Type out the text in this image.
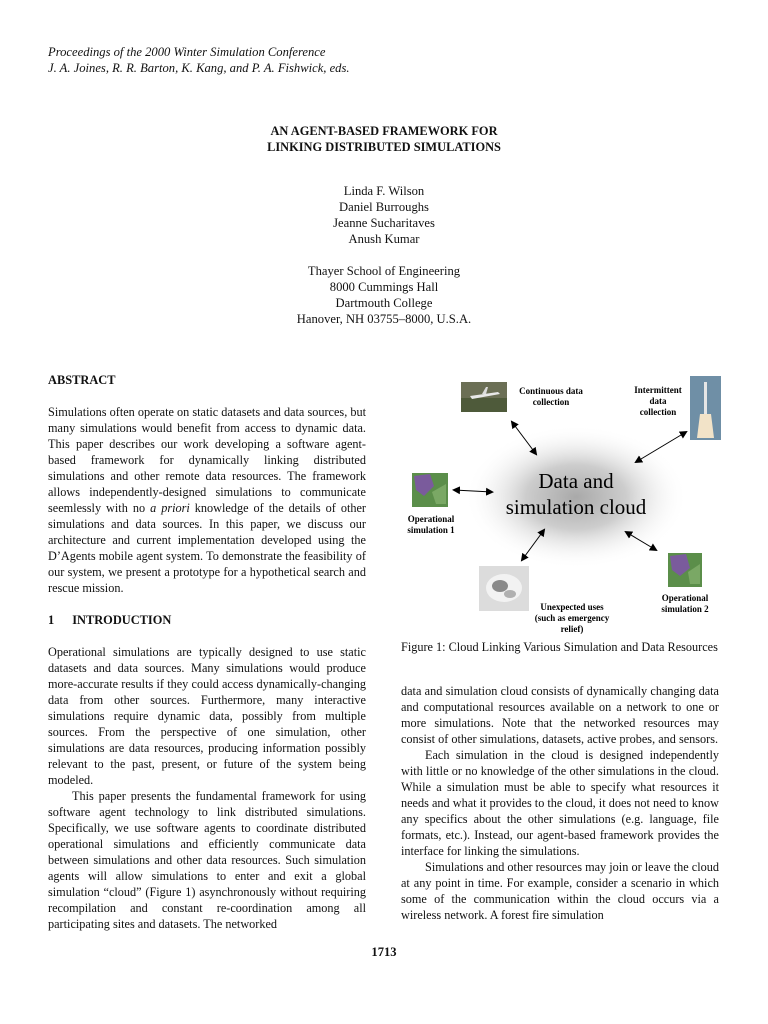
Proceedings of the 2000 Winter Simulation Conference
J. A. Joines, R. R. Barton, K. Kang, and P. A. Fishwick, eds.
AN AGENT-BASED FRAMEWORK FOR
LINKING DISTRIBUTED SIMULATIONS
Linda F. Wilson
Daniel Burroughs
Jeanne Sucharitaves
Anush Kumar
Thayer School of Engineering
8000 Cummings Hall
Dartmouth College
Hanover, NH 03755–8000, U.S.A.

ABSTRACT

Simulations often operate on static datasets and data sources, but many simulations would benefit from access to dynamic data. This paper describes our work developing a software agent-based framework for dynamically linking distributed simulations and other remote data resources. The framework allows independently-designed simulations to communicate seemlessly with no a priori knowledge of the details of other simulations and data sources. In this paper, we discuss our architecture and current implementation developed using the D’Agents mobile agent system. To demonstrate the feasibility of our system, we present a prototype for a hypothetical search and rescue mission.

1 INTRODUCTION

Operational simulations are typically designed to use static datasets and data sources. Many simulations would produce more-accurate results if they could access dynamically-changing data from other sources. Furthermore, many interactive simulations require dynamic data, possibly from multiple sources. From the perspective of one simulation, other simulations are data resources, producing information possibly relevant to the past, present, or future of the system being modeled.

This paper presents the fundamental framework for using software agent technology to link distributed simulations. Specifically, we use software agents to coordinate distributed operational simulations and efficiently communicate data between simulations and other data resources. Such simulation agents will allow simulations to enter and exit a global simulation “cloud” (Figure 1) asynchronously without requiring recompilation and constant re-coordination among all participating sites and datasets. The networked

Data and
simulation cloud
Continuous data
collection
Intermittent
data
collection
Operational
simulation 1
Operational
simulation 2
Unexpected uses
(such as emergency
relief)
Figure 1: Cloud Linking Various Simulation and Data Resources

data and simulation cloud consists of dynamically changing data and computational resources available on a network to one or more simulations. Note that the networked resources may consist of other simulations, datasets, active probes, and sensors.

Each simulation in the cloud is designed independently with little or no knowledge of the other simulations in the cloud. While a simulation must be able to specify what resources it needs and what it provides to the cloud, it does not need to know any specifics about the other simulations (e.g. language, file formats, etc.). Instead, our agent-based framework provides the interface for linking the simulations.

Simulations and other resources may join or leave the cloud at any point in time. For example, consider a scenario in which some of the communication within the cloud occurs via a wireless network. A forest fire simulation

1713
